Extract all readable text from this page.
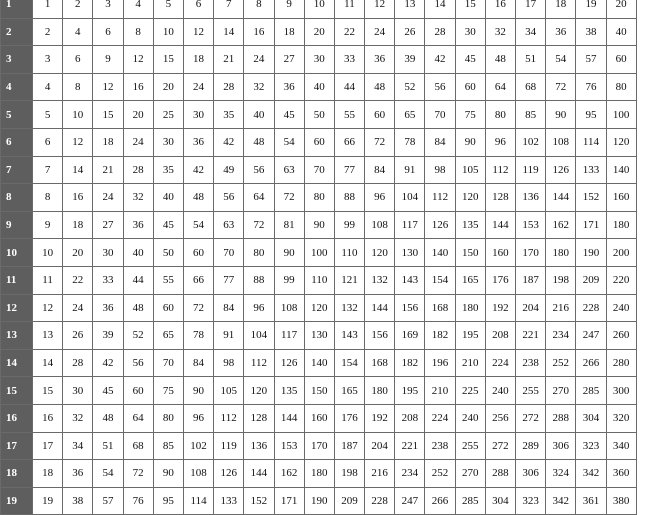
1	1	2	3	4	5	6	7	8	9	10	11	12	13	14	15	16	17	18	19	20
2	2	4	6	8	10	12	14	16	18	20	22	24	26	28	30	32	34	36	38	40
3	3	6	9	12	15	18	21	24	27	30	33	36	39	42	45	48	51	54	57	60
4	4	8	12	16	20	24	28	32	36	40	44	48	52	56	60	64	68	72	76	80
5	5	10	15	20	25	30	35	40	45	50	55	60	65	70	75	80	85	90	95	100
6	6	12	18	24	30	36	42	48	54	60	66	72	78	84	90	96	102	108	114	120
7	7	14	21	28	35	42	49	56	63	70	77	84	91	98	105	112	119	126	133	140
8	8	16	24	32	40	48	56	64	72	80	88	96	104	112	120	128	136	144	152	160
9	9	18	27	36	45	54	63	72	81	90	99	108	117	126	135	144	153	162	171	180
10	10	20	30	40	50	60	70	80	90	100	110	120	130	140	150	160	170	180	190	200
11	11	22	33	44	55	66	77	88	99	110	121	132	143	154	165	176	187	198	209	220
12	12	24	36	48	60	72	84	96	108	120	132	144	156	168	180	192	204	216	228	240
13	13	26	39	52	65	78	91	104	117	130	143	156	169	182	195	208	221	234	247	260
14	14	28	42	56	70	84	98	112	126	140	154	168	182	196	210	224	238	252	266	280
15	15	30	45	60	75	90	105	120	135	150	165	180	195	210	225	240	255	270	285	300
16	16	32	48	64	80	96	112	128	144	160	176	192	208	224	240	256	272	288	304	320
17	17	34	51	68	85	102	119	136	153	170	187	204	221	238	255	272	289	306	323	340
18	18	36	54	72	90	108	126	144	162	180	198	216	234	252	270	288	306	324	342	360
19	19	38	57	76	95	114	133	152	171	190	209	228	247	266	285	304	323	342	361	380
